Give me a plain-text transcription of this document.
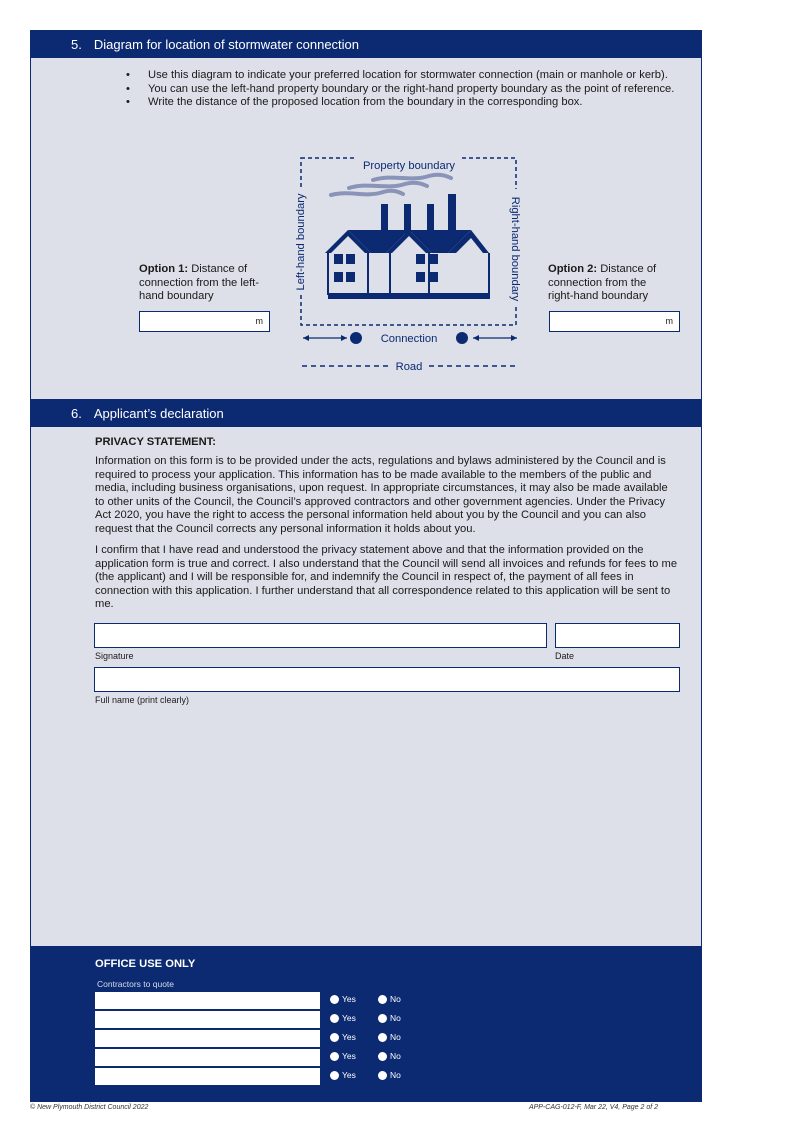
5. Diagram for location of stormwater connection
• Use this diagram to indicate your preferred location for stormwater connection (main or manhole or kerb).
• You can use the left-hand property boundary or the right-hand property boundary as the point of reference.
• Write the distance of the proposed location from the boundary in the corresponding box.
Property boundary
Left-hand boundary	Right-hand boundary
Connection
Road
Option 1: Distance of connection from the left-hand boundary
m
Option 2: Distance of connection from the right-hand boundary
m
6. Applicant’s declaration
PRIVACY STATEMENT:
Information on this form is to be provided under the acts, regulations and bylaws administered by the Council and is required to process your application. This information has to be made available to the members of the public and media, including business organisations, upon request. In appropriate circumstances, it may also be made available to other units of the Council, the Council’s approved contractors and other government agencies. Under the Privacy Act 2020, you have the right to access the personal information held about you by the Council and you can also request that the Council corrects any personal information it holds about you.
I confirm that I have read and understood the privacy statement above and that the information provided on the application form is true and correct. I also understand that the Council will send all invoices and refunds for fees to me (the applicant) and I will be responsible for, and indemnify the Council in respect of, the payment of all fees in connection with this application. I further understand that all correspondence related to this application will be sent to me.
Signature	Date
Full name (print clearly)
OFFICE USE ONLY
Contractors to quote
Yes	No
Yes	No
Yes	No
Yes	No
Yes	No
© New Plymouth District Council 2022	APP-CAG-012-F, Mar 22, V4, Page 2 of 2
